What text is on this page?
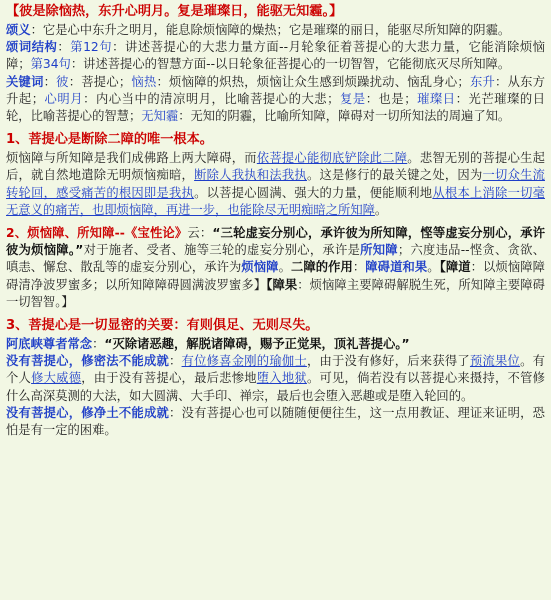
【彼是除恼热，东升心明月。复是璀璨日，能驱无知霾。】

颂义：它是心中东升之明月，能息除烦恼障的燥热；它是璀璨的丽日，能驱尽所知障的阴霾。

颂词结构：第12句：讲述菩提心的大悲力量方面--月轮象征着菩提心的大悲力量，它能消除烦恼障；第34句：讲述菩提心的智慧方面--以日轮象征菩提心的一切智智，它能彻底灭尽所知障。

关键词：彼：菩提心；恼热：烦恼障的炽热，烦恼让众生感到烦躁扰动、恼乱身心；东升：从东方升起；心明月：内心当中的清凉明月，比喻菩提心的大悲；复是：也是；璀璨日：光芒璀璨的日轮，比喻菩提心的智慧；无知霾：无知的阴霾，比喻所知障，障碍对一切所知法的周遍了知。

1、菩提心是断除二障的唯一根本。

烦恼障与所知障是我们成佛路上两大障碍，而依菩提心能彻底铲除此二障。悲智无别的菩提心生起后，就自然地遣除无明烦恼痴暗，断除人我执和法我执。这是修行的最关键之处，因为一切众生流转轮回，感受痛苦的根因即是我执。以菩提心圆满、强大的力量，便能顺利地从根本上消除一切毫无意义的痛苦，也即烦恼障，再进一步，也能除尽无明痴暗之所知障。

2、烦恼障、所知障--《宝性论》云：“三轮虚妄分别心，承许彼为所知障，悭等虚妄分别心，承许彼为烦恼障。”对于施者、受者、施等三轮的虚妄分别心，承许是所知障；六度违品--悭贪、贪欲、嗔恚、懈怠、散乱等的虚妄分别心，承许为烦恼障。二障的作用：障碍道和果。【障道：以烦恼障障碍清净波罗蜜多；以所知障障碍圆满波罗蜜多】【障果：烦恼障主要障碍解脱生死，所知障主要障碍一切智智。】

3、菩提心是一切显密的关要：有则俱足、无则尽失。

阿底峡尊者常念：“灭除诸恶趣，解脱诸障碍，赐予正觉果，顶礼菩提心。”

没有菩提心，修密法不能成就：有位修喜金刚的瑜伽士，由于没有修好，后来获得了预流果位。有个人修大威德，由于没有菩提心，最后悲惨地堕入地狱。可见，倘若没有以菩提心来摄持，不管修什么高深莫测的大法，如大圆满、大手印、禅宗，最后也会堕入恶趣或是堕入轮回的。

没有菩提心，修净土不能成就：没有菩提心也可以随随便便往生，这一点用教证、理证来证明，恐怕是有一定的困难。
